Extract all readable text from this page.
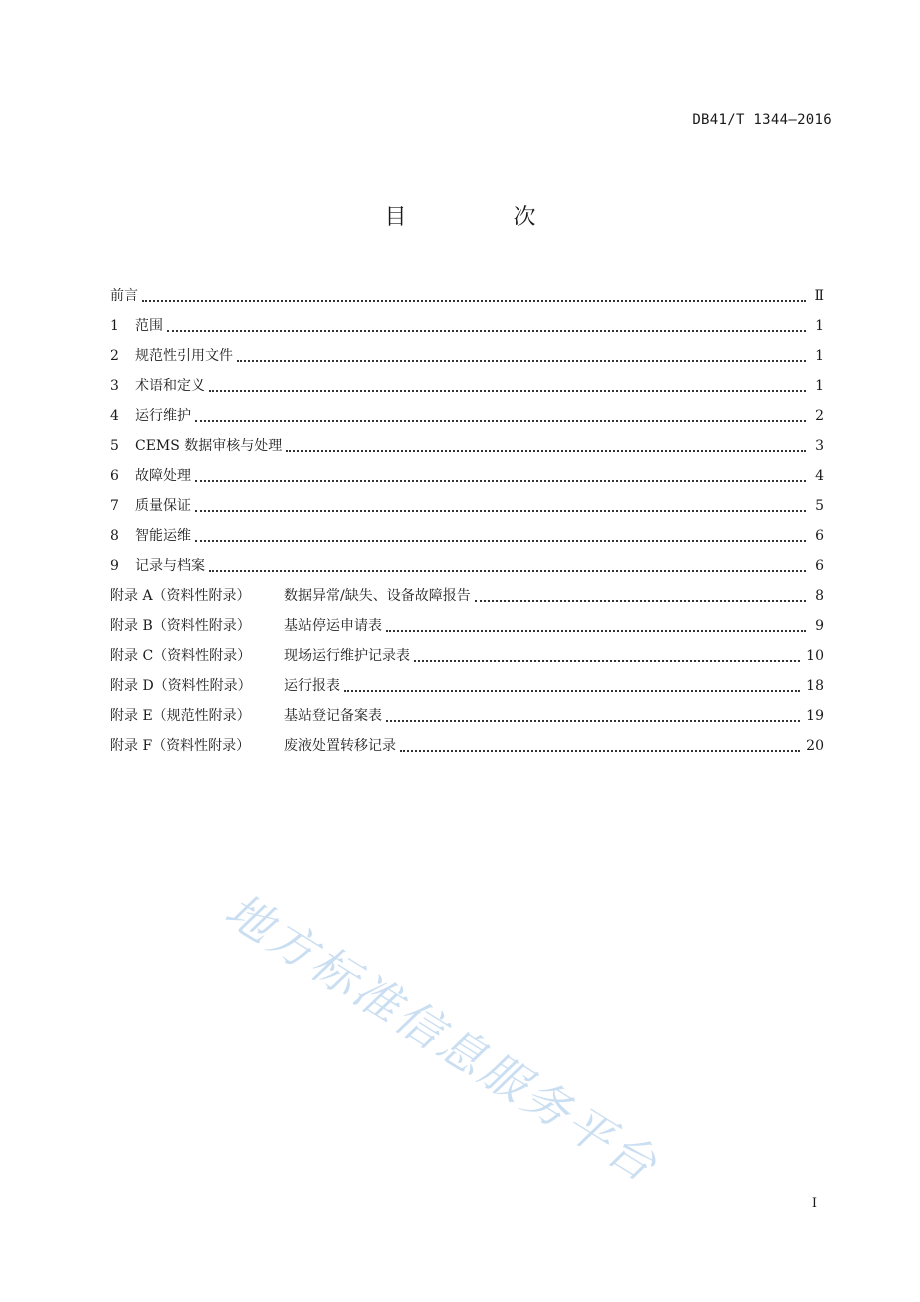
DB41/T 1344—2016
目 次
前言	Ⅱ
1	范围	1
2	规范性引用文件	1
3	术语和定义	1
4	运行维护	2
5	CEMS 数据审核与处理	3
6	故障处理	4
7	质量保证	5
8	智能运维	6
9	记录与档案	6
附录 A（资料性附录）	数据异常/缺失、设备故障报告	8
附录 B（资料性附录）	基站停运申请表	9
附录 C（资料性附录）	现场运行维护记录表	10
附录 D（资料性附录）	运行报表	18
附录 E（规范性附录）	基站登记备案表	19
附录 F（资料性附录）	废液处置转移记录	20
地方标准信息服务平台
I
